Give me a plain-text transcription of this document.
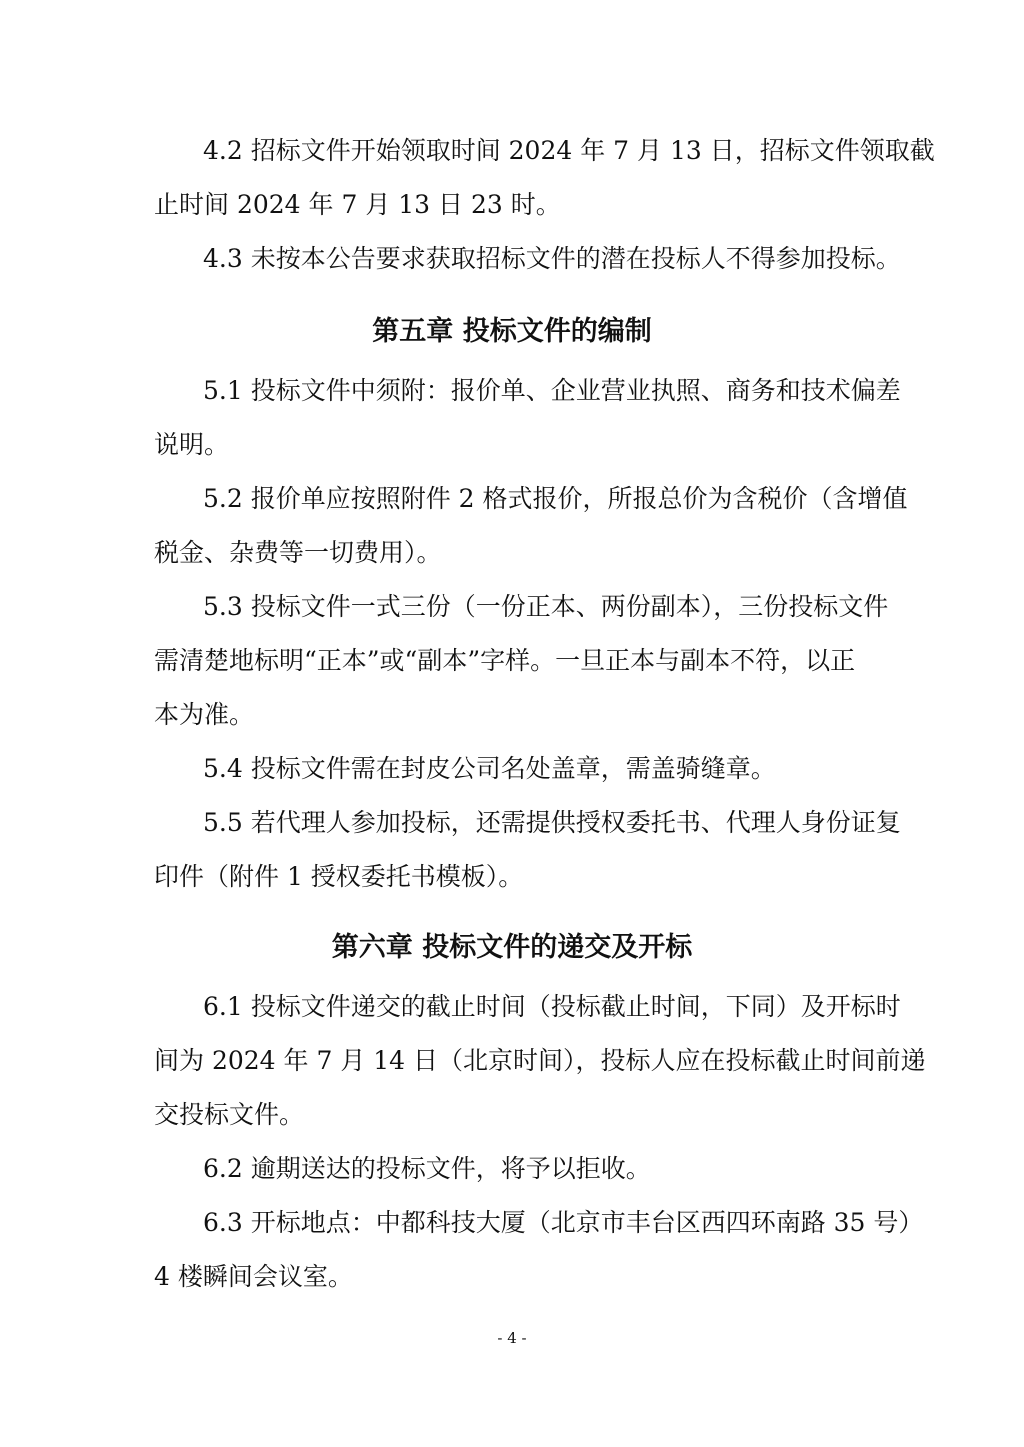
4.2 招标文件开始领取时间 2024 年 7 月 13 日，招标文件领取截
止时间 2024 年 7 月 13 日 23 时。
4.3 未按本公告要求获取招标文件的潜在投标人不得参加投标。
第五章 投标文件的编制
5.1 投标文件中须附：报价单、企业营业执照、商务和技术偏差
说明。
5.2 报价单应按照附件 2 格式报价，所报总价为含税价（含增值
税金、杂费等一切费用）。
5.3 投标文件一式三份（一份正本、两份副本），三份投标文件
需清楚地标明“正本”或“副本”字样。一旦正本与副本不符，以正
本为准。
5.4 投标文件需在封皮公司名处盖章，需盖骑缝章。
5.5 若代理人参加投标，还需提供授权委托书、代理人身份证复
印件（附件 1 授权委托书模板）。
第六章 投标文件的递交及开标
6.1 投标文件递交的截止时间（投标截止时间，下同）及开标时
间为 2024 年 7 月 14 日（北京时间），投标人应在投标截止时间前递
交投标文件。
6.2 逾期送达的投标文件，将予以拒收。
6.3 开标地点：中都科技大厦（北京市丰台区西四环南路 35 号）
4 楼瞬间会议室。
- 4 -
